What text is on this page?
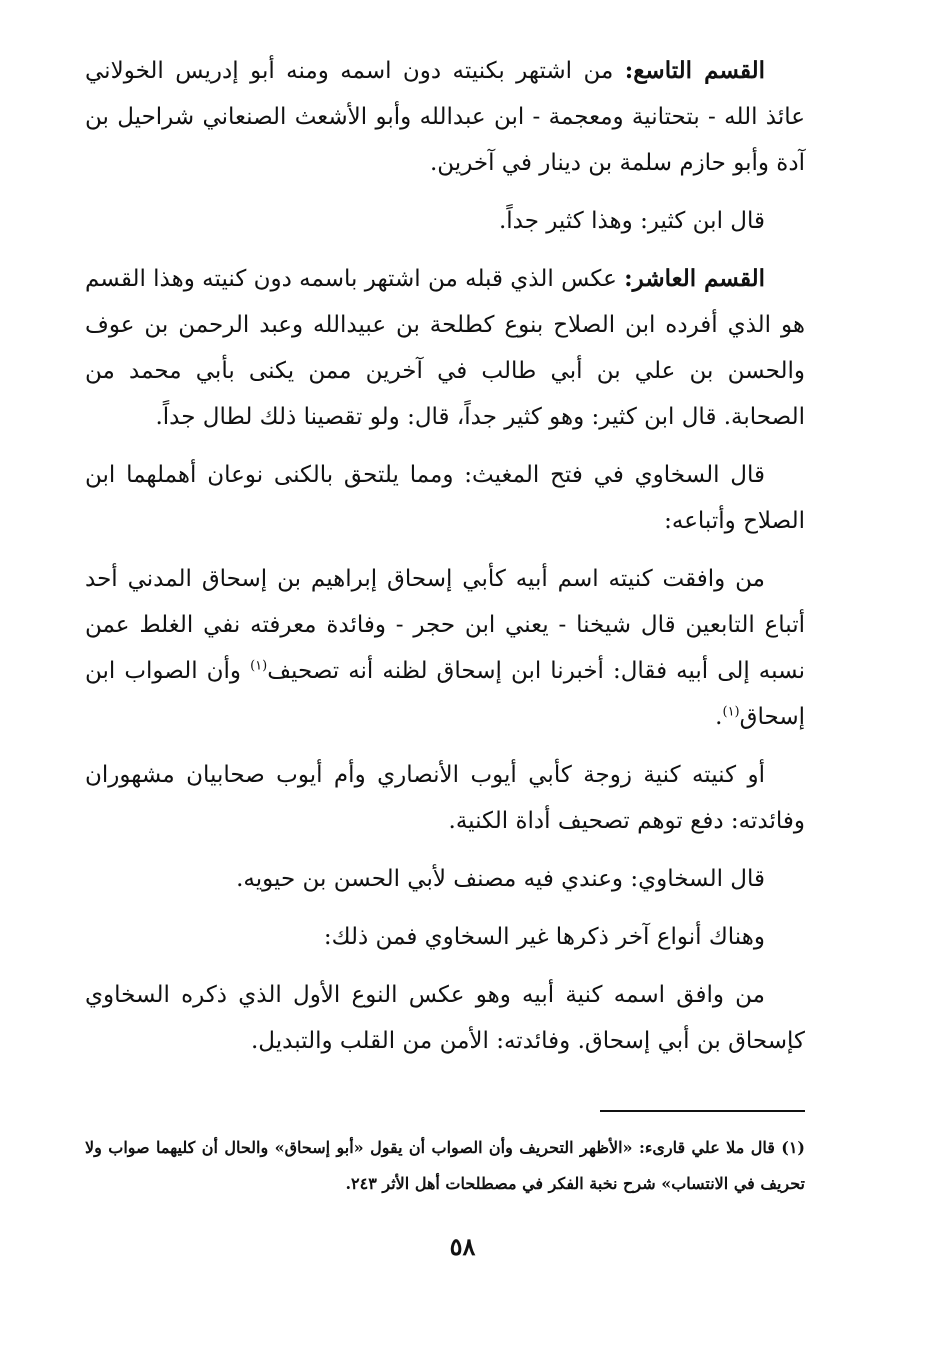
القسم التاسع: من اشتهر بكنيته دون اسمه ومنه أبو إدريس الخولاني عائذ الله - بتحتانية ومعجمة - ابن عبدالله وأبو الأشعث الصنعاني شراحيل بن آدة وأبو حازم سلمة بن دينار في آخرين.

قال ابن كثير: وهذا كثير جداً.

القسم العاشر: عكس الذي قبله من اشتهر باسمه دون كنيته وهذا القسم هو الذي أفرده ابن الصلاح بنوع كطلحة بن عبيدالله وعبد الرحمن بن عوف والحسن بن علي بن أبي طالب في آخرين ممن يكنى بأبي محمد من الصحابة. قال ابن كثير: وهو كثير جداً، قال: ولو تقصينا ذلك لطال جداً.

قال السخاوي في فتح المغيث: ومما يلتحق بالكنى نوعان أهملهما ابن الصلاح وأتباعه:

من وافقت كنيته اسم أبيه كأبي إسحاق إبراهيم بن إسحاق المدني أحد أتباع التابعين قال شيخنا - يعني ابن حجر - وفائدة معرفته نفي الغلط عمن نسبه إلى أبيه فقال: أخبرنا ابن إسحاق لظنه أنه تصحيف$^{(١)}$ وأن الصواب ابن إسحاق$^{(١)}$.

أو كنيته كنية زوجة كأبي أيوب الأنصاري وأم أيوب صحابيان مشهوران وفائدته: دفع توهم تصحيف أداة الكنية.

قال السخاوي: وعندي فيه مصنف لأبي الحسن بن حيويه.

وهناك أنواع آخر ذكرها غير السخاوي فمن ذلك:

من وافق اسمه كنية أبيه وهو عكس النوع الأول الذي ذكره السخاوي كإسحاق بن أبي إسحاق. وفائدته: الأمن من القلب والتبديل.

(١) قال ملا علي قارىء: «الأظهر التحريف وأن الصواب أن يقول «أبو إسحاق» والحال أن كليهما صواب ولا تحريف في الانتساب» شرح نخبة الفكر في مصطلحات أهل الأثر ٢٤٣.
٥٨
